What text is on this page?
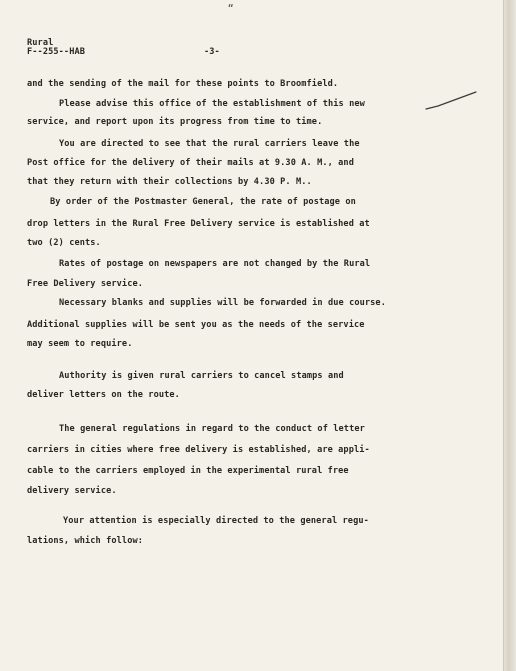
“
Rural
F--255--HAB	-3-
and the sending of the mail for these points to Broomfield.
Please advise this office of the establishment of this new
service, and report upon its progress from time to time.
You are directed to see that the rural carriers leave the
Post office for the delivery of their mails at 9.30 A. M., and
that they return with their collections by 4.30 P. M..
By order of the Postmaster General, the rate of postage on
drop letters in the Rural Free Delivery service is established at
two (2) cents.
Rates of postage on newspapers are not changed by the Rural
Free Delivery service.
Necessary blanks and supplies will be forwarded in due course.
Additional supplies will be sent you as the needs of the service
may seem to require.
Authority is given rural carriers to cancel stamps and
deliver letters on the route.
The general regulations in regard to the conduct of letter
carriers in cities where free delivery is established, are appli-
cable to the carriers employed in the experimental rural free
delivery service.
Your attention is especially directed to the general regu-
lations, which follow:
